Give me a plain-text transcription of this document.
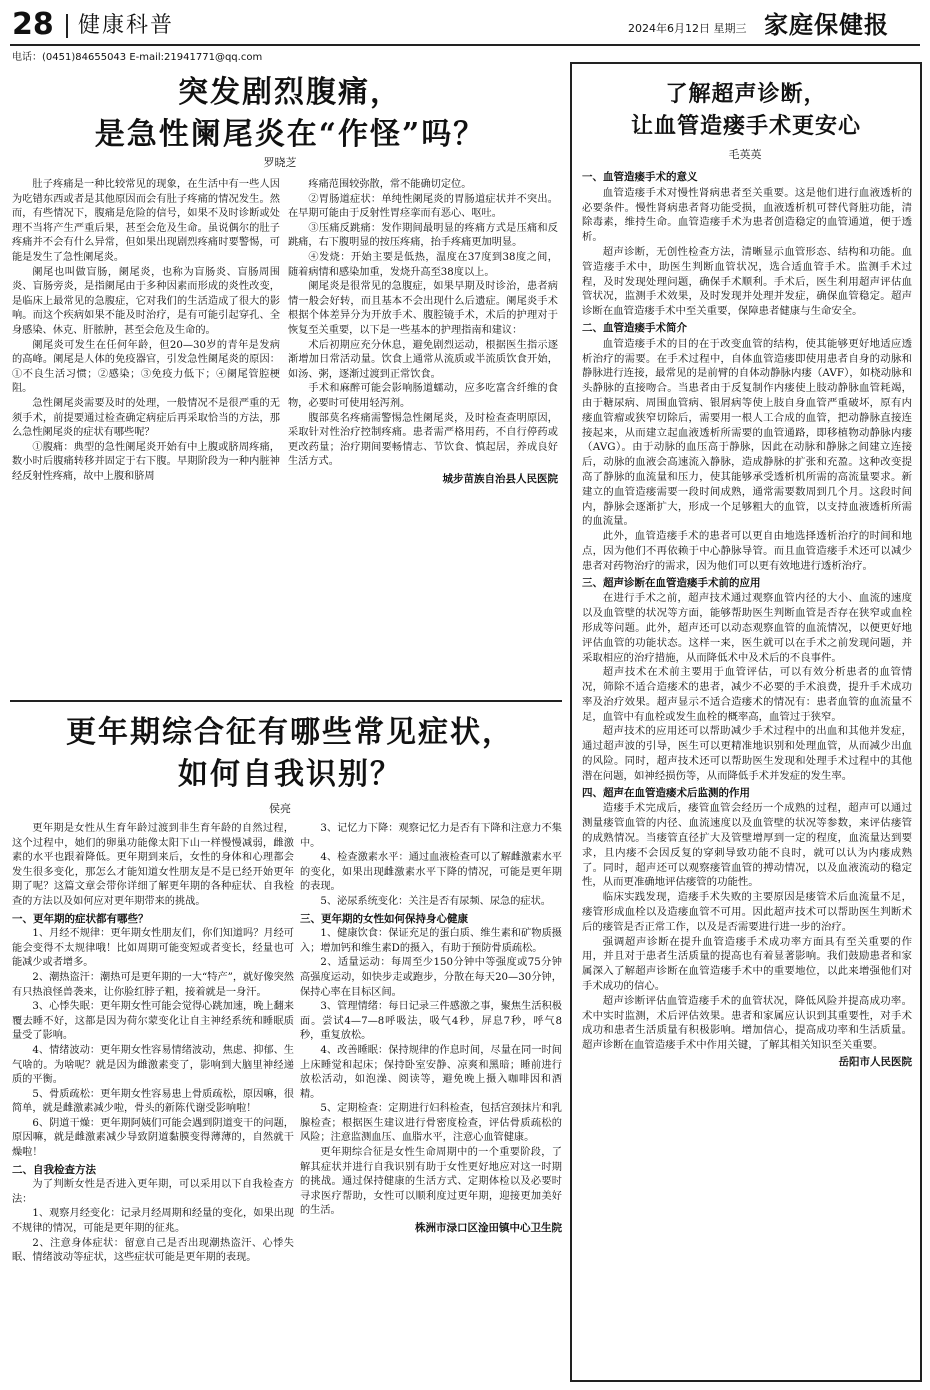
28 健康科普	2024年6月12日 星期三 家庭保健报
电话：(0451)84655043 E-mail:21941771@qq.com
突发剧烈腹痛，
是急性阑尾炎在“作怪”吗？
罗晓芝

肚子疼痛是一种比较常见的现象，在生活中有一些人因为吃错东西或者是其他原因而会有肚子疼痛的情况发生。然而，有些情况下，腹痛是危险的信号，如果不及时诊断或处理不当将产生严重后果，甚至会危及生命。虽说偶尔的肚子疼痛并不会有什么异常，但如果出现剧烈疼痛时要警惕，可能是发生了急性阑尾炎。

阑尾也叫做盲肠，阑尾炎，也称为盲肠炎、盲肠周围炎、盲肠旁炎，是指阑尾由于多种因素而形成的炎性改变，是临床上最常见的急腹症，它对我们的生活造成了很大的影响。而这个疾病如果不能及时治疗，是有可能引起穿孔、全身感染、休克、肝脓肿，甚至会危及生命的。

阑尾炎可发生在任何年龄，但20—30岁的青年是发病的高峰。阑尾是人体的免疫器官，引发急性阑尾炎的原因：①不良生活习惯；②感染；③免疫力低下；④阑尾管腔梗阻。

急性阑尾炎需要及时的处理，一般情况不是很严重的无须手术，前提要通过检查确定病症后再采取恰当的方法，那么急性阑尾炎的症状有哪些呢？

①腹痛：典型的急性阑尾炎开始有中上腹或脐周疼痛，数小时后腹痛转移并固定于右下腹。早期阶段为一种内脏神经反射性疼痛，故中上腹和脐周

疼痛范围较弥散，常不能确切定位。

②胃肠道症状：单纯性阑尾炎的胃肠道症状并不突出。在早期可能由于反射性胃痉挛而有恶心、呕吐。

③压痛反跳痛：发作期间最明显的疼痛方式是压痛和反跳痛，右下腹明显的按压疼痛，抬手疼痛更加明显。

④发烧：开始主要是低热，温度在37度到38度之间，随着病情和感染加重，发烧升高至38度以上。

阑尾炎是很常见的急腹症，如果早期及时诊治，患者病情一般会好转，而且基本不会出现什么后遗症。阑尾炎手术根据个体差异分为开放手术、腹腔镜手术，术后的护理对于恢复至关重要，以下是一些基本的护理指南和建议：

术后初期应充分休息，避免剧烈运动，根据医生指示逐渐增加日常活动量。饮食上通常从流质或半流质饮食开始，如汤、粥，逐渐过渡到正常饮食。

手术和麻醉可能会影响肠道蠕动，应多吃富含纤维的食物，必要时可使用轻泻剂。

腹部莫名疼痛需警惕急性阑尾炎，及时检查查明原因，采取针对性治疗控制疼痛。患者需严格用药，不自行停药或更改药量；治疗期间要畅情志、节饮食、慎起居，养成良好生活方式。

城步苗族自治县人民医院

更年期综合征有哪些常见症状，
如何自我识别？
侯亮

更年期是女性从生育年龄过渡到非生育年龄的自然过程，这个过程中，她们的卵巢功能像太阳下山一样慢慢减弱，雌激素的水平也跟着降低。更年期到来后，女性的身体和心理都会发生很多变化，那怎么才能知道女性朋友是不是已经开始更年期了呢？这篇文章会带你详细了解更年期的各种症状、自我检查的方法以及如何应对更年期带来的挑战。

一、更年期的症状都有哪些？

1、月经不规律：更年期女性朋友们，你们知道吗？月经可能会变得不太规律哦！比如周期可能变短或者变长，经量也可能减少或者增多。

2、潮热盗汗：潮热可是更年期的一大“特产”，就好像突然有只热浪怪兽袭来，让你脸红脖子粗，接着就是一身汗。

3、心悸失眠：更年期女性可能会觉得心跳加速，晚上翻来覆去睡不好，这都是因为荷尔蒙变化让自主神经系统和睡眠质量受了影响。

4、情绪波动：更年期女性容易情绪波动，焦虑、抑郁、生气啥的。为啥呢？就是因为雌激素变了，影响到大脑里神经递质的平衡。

5、骨质疏松：更年期女性容易患上骨质疏松，原因嘛，很简单，就是雌激素减少啦，骨头的新陈代谢受影响啦！

6、阴道干燥：更年期阿姨们可能会遇到阴道变干的问题，原因嘛，就是雌激素减少导致阴道黏膜变得薄薄的，自然就干燥啦！

二、自我检查方法

为了判断女性是否进入更年期，可以采用以下自我检查方法：

1、观察月经变化：记录月经周期和经量的变化，如果出现不规律的情况，可能是更年期的征兆。

2、注意身体症状：留意自己是否出现潮热盗汗、心悸失眠、情绪波动等症状，这些症状可能是更年期的表现。

3、记忆力下降：观察记忆力是否有下降和注意力不集中。

4、检查激素水平：通过血液检查可以了解雌激素水平的变化，如果出现雌激素水平下降的情况，可能是更年期的表现。

5、泌尿系统变化：关注是否有尿频、尿急的症状。

三、更年期的女性如何保持身心健康

1、健康饮食：保证充足的蛋白质、维生素和矿物质摄入；增加钙和维生素D的摄入，有助于预防骨质疏松。

2、适量运动：每周至少150分钟中等强度或75分钟高强度运动，如快步走或跑步，分散在每天20—30分钟，保持心率在目标区间。

3、管理情绪：每日记录三件感激之事，聚焦生活积极面。尝试4—7—8呼吸法，吸气4秒，屏息7秒，呼气8秒，重复放松。

4、改善睡眠：保持规律的作息时间，尽量在同一时间上床睡觉和起床；保持卧室安静、凉爽和黑暗；睡前进行放松活动，如泡澡、阅读等，避免晚上摄入咖啡因和酒精。

5、定期检查：定期进行妇科检查，包括宫颈抹片和乳腺检查；根据医生建议进行骨密度检查，评估骨质疏松的风险；注意监测血压、血脂水平，注意心血管健康。

更年期综合征是女性生命周期中的一个重要阶段，了解其症状并进行自我识别有助于女性更好地应对这一时期的挑战。通过保持健康的生活方式、定期体检以及必要时寻求医疗帮助，女性可以顺利度过更年期，迎接更加美好的生活。

株洲市渌口区淦田镇中心卫生院

了解超声诊断，
让血管造瘘手术更安心
毛英英
一、血管造瘘手术的意义

血管造瘘手术对慢性肾病患者至关重要。这是他们进行血液透析的必要条件。慢性肾病患者肾功能受损，血液透析机可替代肾脏功能，清除毒素，维持生命。血管造瘘手术为患者创造稳定的血管通道，便于透析。

超声诊断，无创性检查方法，清晰显示血管形态、结构和功能。血管造瘘手术中，助医生判断血管状况，选合适血管手术。监测手术过程，及时发现处理问题，确保手术顺利。手术后，医生利用超声评估血管状况，监测手术效果，及时发现并处理并发症，确保血管稳定。超声诊断在血管造瘘手术中至关重要，保障患者健康与生命安全。

二、血管造瘘手术简介

血管造瘘手术的目的在于改变血管的结构，使其能够更好地适应透析治疗的需要。在手术过程中，自体血管造瘘即使用患者自身的动脉和静脉进行连接，最常见的是前臂的自体动静脉内瘘（AVF），如桡动脉和头静脉的直接吻合。当患者由于反复制作内瘘使上肢动静脉血管耗竭，由于糖尿病、周围血管病、银屑病等使上肢自身血管严重破坏，原有内瘘血管瘤或狭窄切除后，需要用一根人工合成的血管，把动静脉直接连接起来，从而建立起血液透析所需要的血管通路，即移植物动静脉内瘘（AVG）。由于动脉的血压高于静脉，因此在动脉和静脉之间建立连接后，动脉的血液会高速流入静脉，造成静脉的扩张和充盈。这种改变提高了静脉的血流量和压力，使其能够承受透析机所需的高流量要求。新建立的血管造瘘需要一段时间成熟，通常需要数周到几个月。这段时间内，静脉会逐渐扩大，形成一个足够粗大的血管，以支持血液透析所需的血流量。

此外，血管造瘘手术的患者可以更自由地选择透析治疗的时间和地点，因为他们不再依赖于中心静脉导管。而且血管造瘘手术还可以减少患者对药物治疗的需求，因为他们可以更有效地进行透析治疗。

三、超声诊断在血管造瘘手术前的应用

在进行手术之前，超声技术通过观察血管内径的大小、血流的速度以及血管壁的状况等方面，能够帮助医生判断血管是否存在狭窄或血栓形成等问题。此外，超声还可以动态观察血管的血流情况，以便更好地评估血管的功能状态。这样一来，医生就可以在手术之前发现问题，并采取相应的治疗措施，从而降低术中及术后的不良事件。

超声技术在术前主要用于血管评估，可以有效分析患者的血管情况，筛除不适合造瘘术的患者，减少不必要的手术浪费，提升手术成功率及治疗效果。超声显示不适合造瘘术的情况有：患者血管的血流量不足，血管中有血栓或发生血栓的概率高，血管过于狭窄。

超声技术的应用还可以帮助减少手术过程中的出血和其他并发症，通过超声波的引导，医生可以更精准地识别和处理血管，从而减少出血的风险。同时，超声技术还可以帮助医生发现和处理手术过程中的其他潜在问题，如神经损伤等，从而降低手术并发症的发生率。

四、超声在血管造瘘术后监测的作用

造瘘手术完成后，瘘管血管会经历一个成熟的过程，超声可以通过测量瘘管血管的内径、血流速度以及血管壁的状况等参数，来评估瘘管的成熟情况。当瘘管直径扩大及管壁增厚到一定的程度，血流量达到要求，且内瘘不会因反复的穿刺导致功能不良时，就可以认为内瘘成熟了。同时，超声还可以观察瘘管血管的搏动情况，以及血液流动的稳定性，从而更准确地评估瘘管的功能性。

临床实践发现，造瘘手术失败的主要原因是瘘管术后血流量不足，瘘管形成血栓以及造瘘血管不可用。因此超声技术可以帮助医生判断术后的瘘管是否正常工作，以及是否需要进行进一步的治疗。

强调超声诊断在提升血管造瘘手术成功率方面具有至关重要的作用，并且对于患者生活质量的提高也有着显著影响。我们鼓励患者和家属深入了解超声诊断在血管造瘘手术中的重要地位，以此来增强他们对手术成功的信心。

超声诊断评估血管造瘘手术的血管状况，降低风险并提高成功率。术中实时监测，术后评估效果。患者和家属应认识到其重要性，对手术成功和患者生活质量有积极影响。增加信心，提高成功率和生活质量。超声诊断在血管造瘘手术中作用关键，了解其相关知识至关重要。

岳阳市人民医院
